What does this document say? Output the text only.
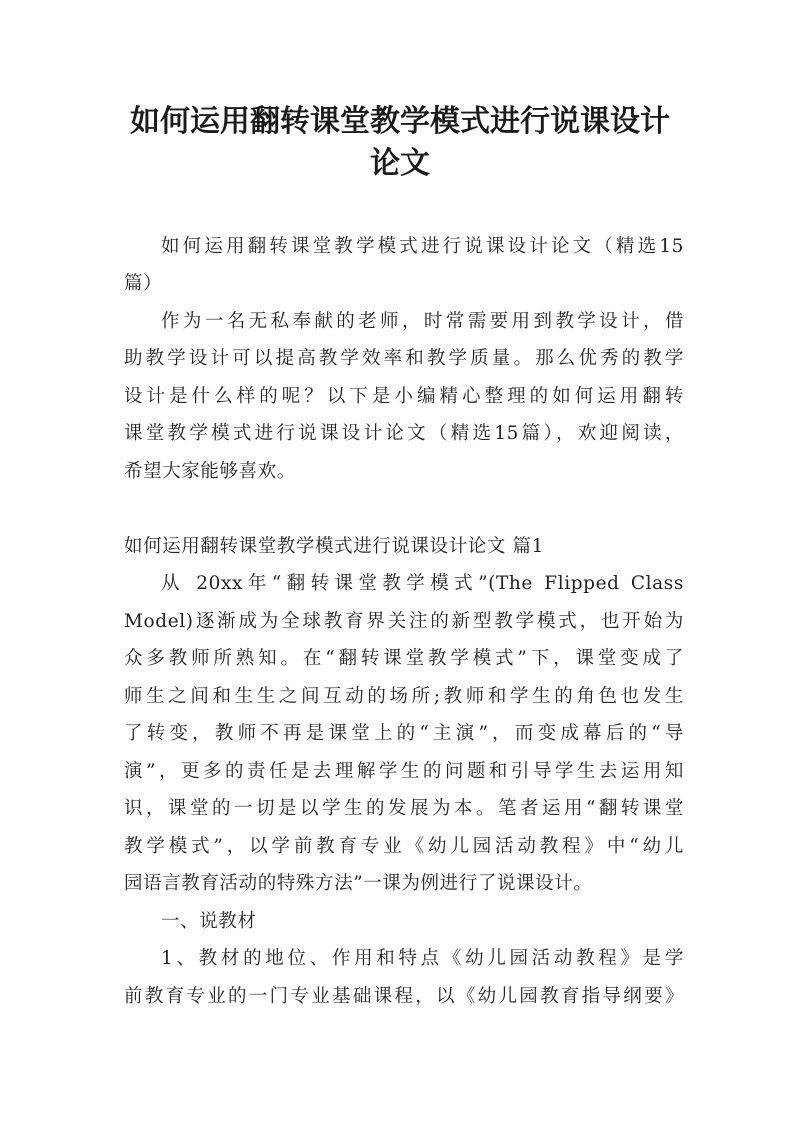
如何运用翻转课堂教学模式进行说课设计
论文

如何运用翻转课堂教学模式进行说课设计论文（精选15

篇）

作为一名无私奉献的老师，时常需要用到教学设计，借

助教学设计可以提高教学效率和教学质量。那么优秀的教学

设计是什么样的呢？以下是小编精心整理的如何运用翻转

课堂教学模式进行说课设计论文（精选15篇），欢迎阅读，

希望大家能够喜欢。

如何运用翻转课堂教学模式进行说课设计论文 篇1

从 20xx年“翻转课堂教学模式”(The Flipped Class

Model)逐渐成为全球教育界关注的新型教学模式，也开始为

众多教师所熟知。在“翻转课堂教学模式”下，课堂变成了

师生之间和生生之间互动的场所;教师和学生的角色也发生

了转变，教师不再是课堂上的“主演”，而变成幕后的“导

演”，更多的责任是去理解学生的问题和引导学生去运用知

识，课堂的一切是以学生的发展为本。笔者运用“翻转课堂

教学模式”，以学前教育专业《幼儿园活动教程》中“幼儿

园语言教育活动的特殊方法”一课为例进行了说课设计。

一、说教材

1、教材的地位、作用和特点《幼儿园活动教程》是学

前教育专业的一门专业基础课程，以《幼儿园教育指导纲要》
